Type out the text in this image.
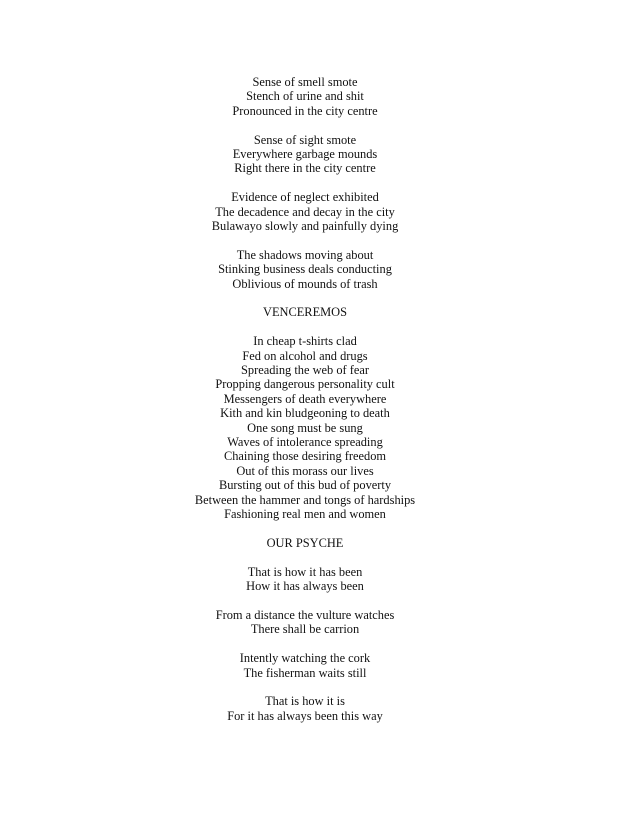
Sense of smell smote
Stench of urine and shit
Pronounced in the city centre
Sense of sight smote
Everywhere garbage mounds
Right there in the city centre
Evidence of neglect exhibited
The decadence and decay in the city
Bulawayo slowly and painfully dying
The shadows moving about
Stinking business deals conducting
Oblivious of mounds of trash
VENCEREMOS
In cheap t-shirts clad
Fed on alcohol and drugs
Spreading the web of fear
Propping dangerous personality cult
Messengers of death everywhere
Kith and kin bludgeoning to death
One song must be sung
Waves of intolerance spreading
Chaining those desiring freedom
Out of this morass our lives
Bursting out of this bud of poverty
Between the hammer and tongs of hardships
Fashioning real men and women
OUR PSYCHE
That is how it has been
How it has always been
From a distance the vulture watches
There shall be carrion
Intently watching the cork
The fisherman waits still
That is how it is
For it has always been this way
